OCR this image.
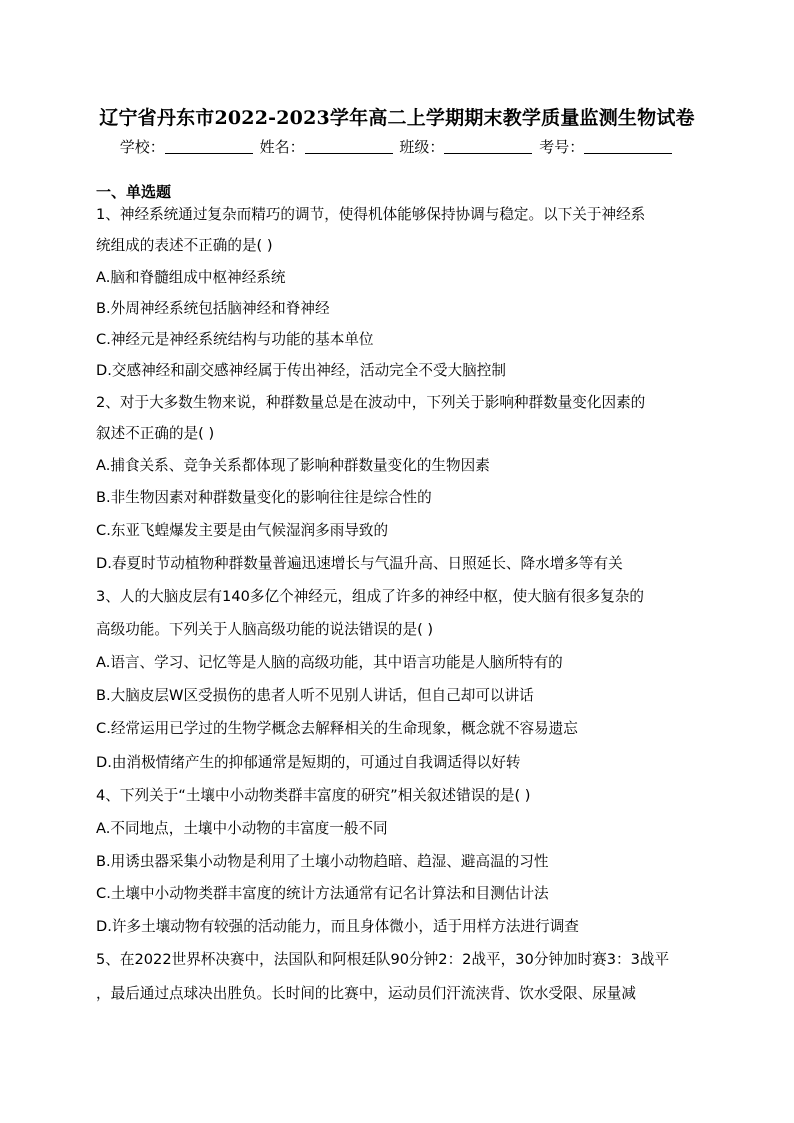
辽宁省丹东市2022-2023学年高二上学期期末教学质量监测生物试卷
学校：	姓名：	班级：	考号：
一、单选题
1、神经系统通过复杂而精巧的调节，使得机体能够保持协调与稳定。以下关于神经系
统组成的表述不正确的是( )
A.脑和脊髓组成中枢神经系统
B.外周神经系统包括脑神经和脊神经
C.神经元是神经系统结构与功能的基本单位
D.交感神经和副交感神经属于传出神经，活动完全不受大脑控制
2、对于大多数生物来说，种群数量总是在波动中，下列关于影响种群数量变化因素的
叙述不正确的是( )
A.捕食关系、竞争关系都体现了影响种群数量变化的生物因素
B.非生物因素对种群数量变化的影响往往是综合性的
C.东亚飞蝗爆发主要是由气候湿润多雨导致的
D.春夏时节动植物种群数量普遍迅速增长与气温升高、日照延长、降水增多等有关
3、人的大脑皮层有140多亿个神经元，组成了许多的神经中枢，使大脑有很多复杂的
高级功能。下列关于人脑高级功能的说法错误的是( )
A.语言、学习、记忆等是人脑的高级功能，其中语言功能是人脑所特有的
B.大脑皮层W区受损伤的患者人听不见别人讲话，但自己却可以讲话
C.经常运用已学过的生物学概念去解释相关的生命现象，概念就不容易遗忘
D.由消极情绪产生的抑郁通常是短期的，可通过自我调适得以好转
4、下列关于“土壤中小动物类群丰富度的研究”相关叙述错误的是( )
A.不同地点，土壤中小动物的丰富度一般不同
B.用诱虫器采集小动物是利用了土壤小动物趋暗、趋湿、避高温的习性
C.土壤中小动物类群丰富度的统计方法通常有记名计算法和目测估计法
D.许多土壤动物有较强的活动能力，而且身体微小，适于用样方法进行调查
5、在2022世界杯决赛中，法国队和阿根廷队90分钟2：2战平，30分钟加时赛3：3战平
，最后通过点球决出胜负。长时间的比赛中，运动员们汗流浃背、饮水受限、尿量减
